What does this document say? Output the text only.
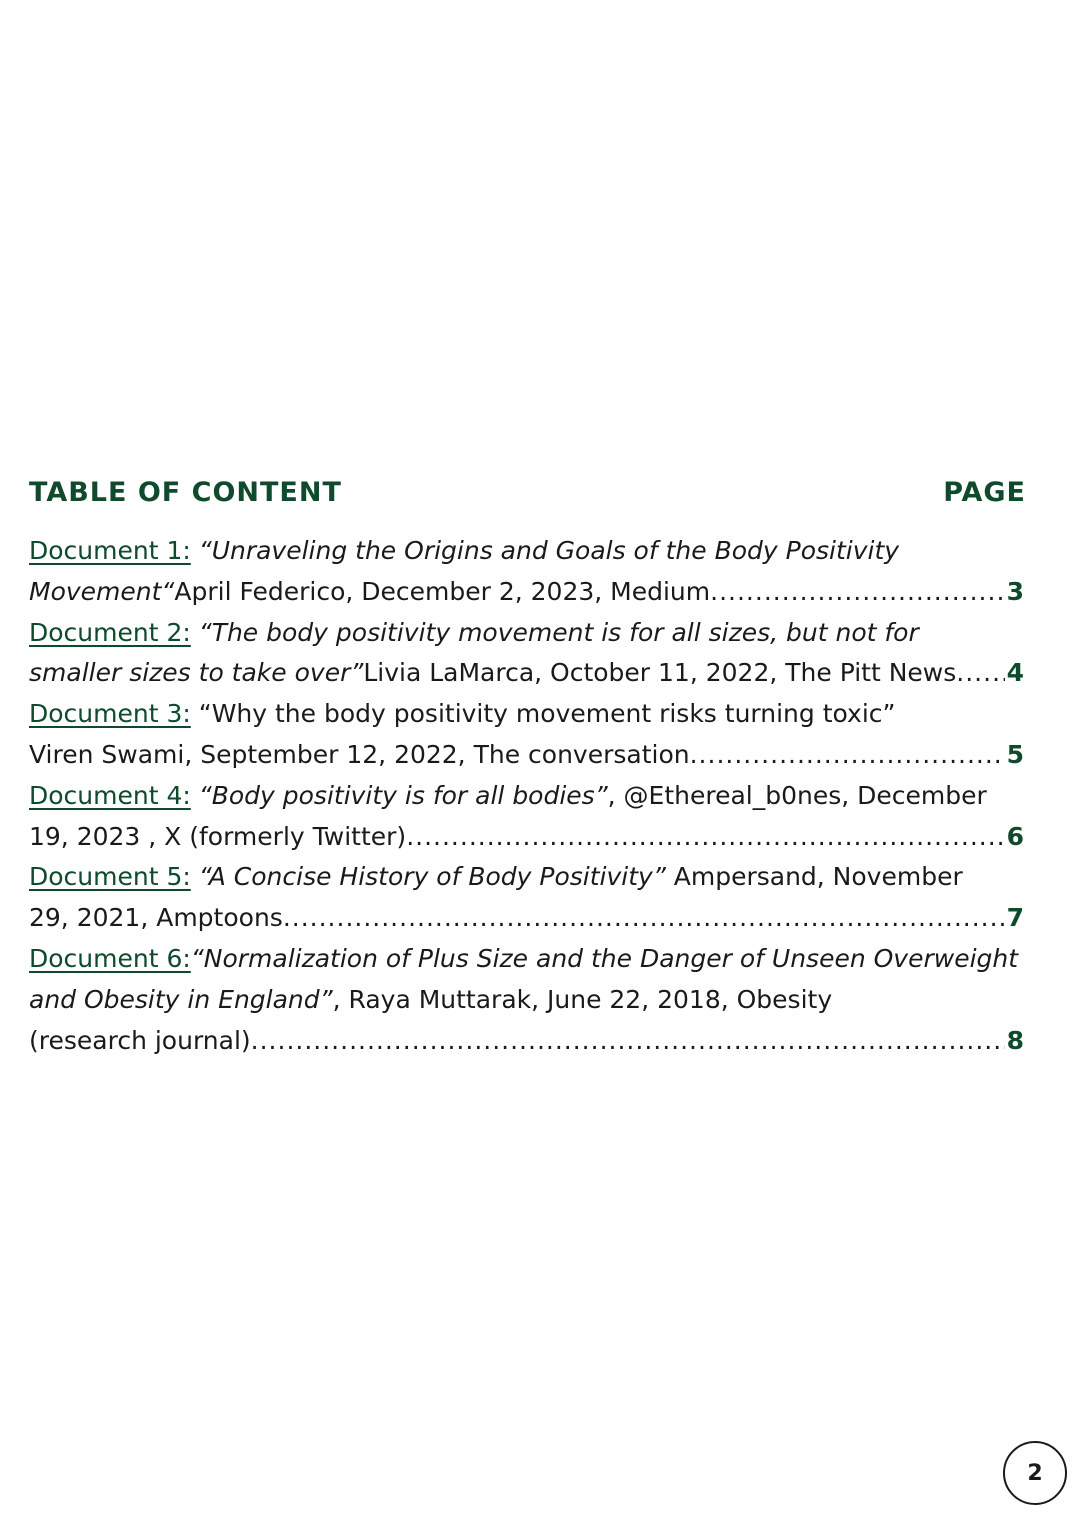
TABLE OF CONTENT	PAGE
Document 1: “Unraveling the Origins and Goals of the Body Positivity
Movement“ April Federico, December 2, 2023, Medium .....	3
Document 2: “The body positivity movement is for all sizes, but not for
smaller sizes to take over” Livia LaMarca, October 11, 2022, The Pitt News ..... 4
Document 3: “Why the body positivity movement risks turning toxic”
Viren Swami, September 12, 2022, The conversation .....	5
Document 4: “Body positivity is for all bodies”, @Ethereal_b0nes, December
19, 2023 , X (formerly Twitter) .....	6
Document 5: “A Concise History of Body Positivity” Ampersand, November
29, 2021, Amptoons .....	7
Document 6:“Normalization of Plus Size and the Danger of Unseen Overweight and Obesity in England”, Raya Muttarak, June 22, 2018, Obesity
(research journal) .....	8
2
